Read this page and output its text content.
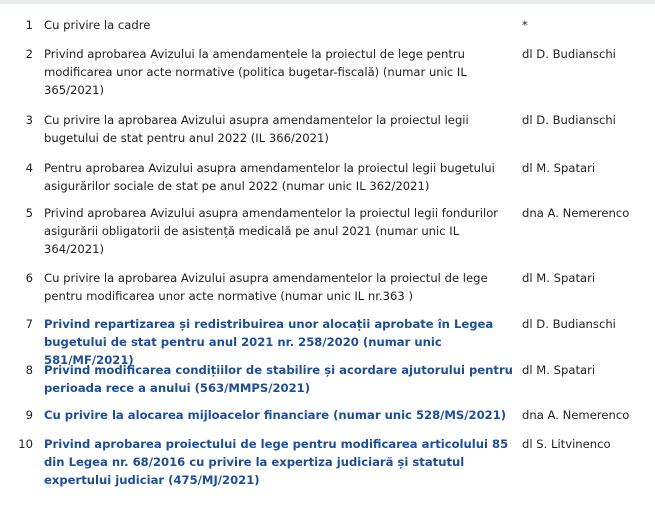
1 Cu privire la cadre	*
2 Privind aprobarea Avizului la amendamentele la proiectul de lege pentru modificarea unor acte normative (politica bugetar-fiscală) (numar unic IL 365/2021)
dl D. Budianschi
3 Cu privire la aprobarea Avizului asupra amendamentelor la proiectul legii bugetului de stat pentru anul 2022 (IL 366/2021)
dl D. Budianschi
4 Pentru aprobarea Avizului asupra amendamentelor la proiectul legii bugetului asigurărilor sociale de stat pe anul 2022 (numar unic IL 362/2021)
dl M. Spatari
5 Privind aprobarea Avizului asupra amendamentelor la proiectul legii fondurilor asigurării obligatorii de asistență medicală pe anul 2021 (numar unic IL 364/2021)
dna A. Nemerenco
6 Cu privire la aprobarea Avizului asupra amendamentelor la proiectul de lege pentru modificarea unor acte normative (numar unic IL nr.363 )
dl M. Spatari
7 Privind repartizarea și redistribuirea unor alocații aprobate în Legea bugetului de stat pentru anul 2021 nr. 258/2020 (numar unic 581/MF/2021)
dl D. Budianschi
8 Privind modificarea condițiilor de stabilire și acordare ajutorului pentru perioada rece a anului (563/MMPS/2021)
dl M. Spatari
9 Cu privire la alocarea mijloacelor financiare (numar unic 528/MS/2021)	dna A. Nemerenco
10 Privind aprobarea proiectului de lege pentru modificarea articolului 85 din Legea nr. 68/2016 cu privire la expertiza judiciară și statutul expertului judiciar (475/MJ/2021)
dl S. Litvinenco
